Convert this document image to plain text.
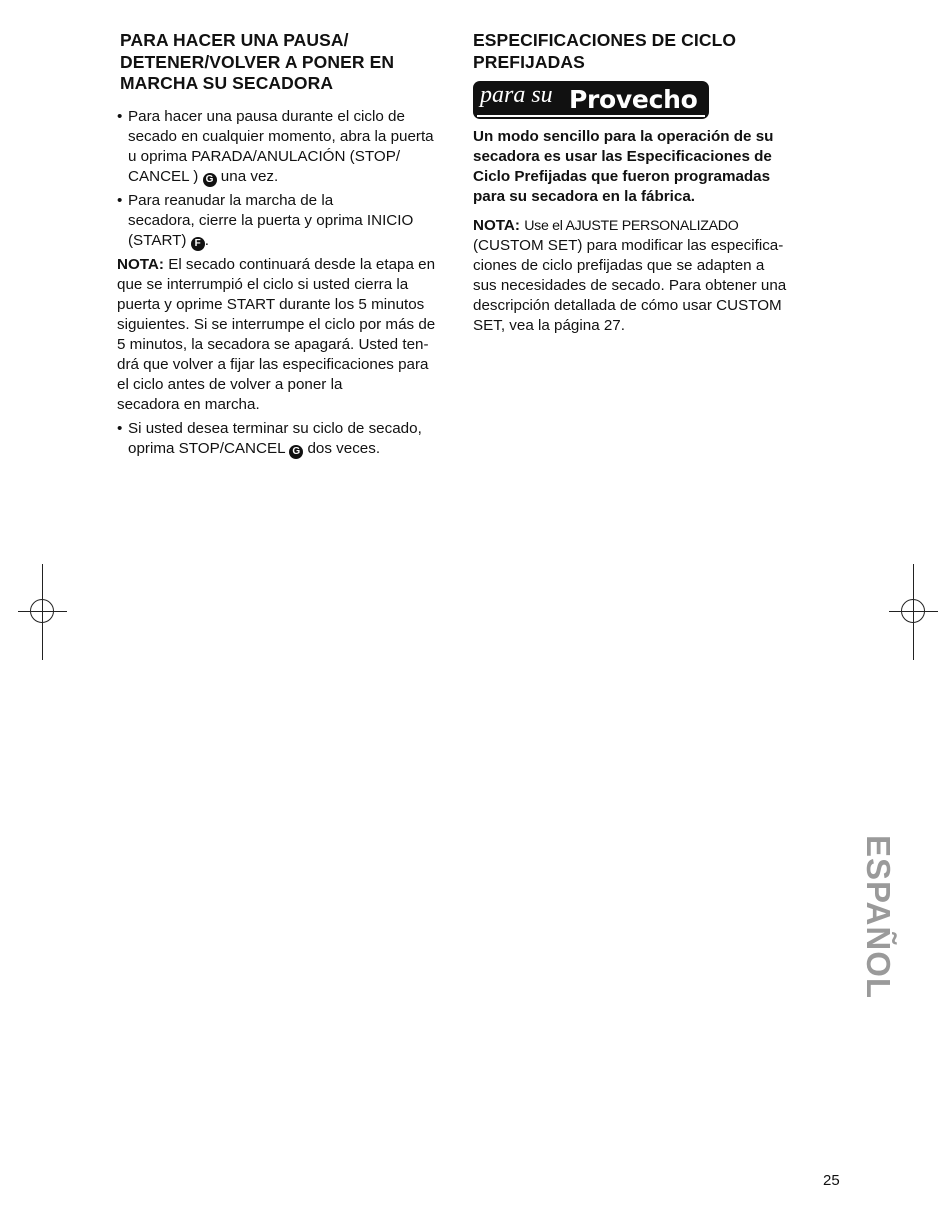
PARA HACER UNA PAUSA/
DETENER/VOLVER A PONER EN
MARCHA SU SECADORA

• Para hacer una pausa durante el ciclo de
secado en cualquier momento, abra la puerta
u oprima PARADA/ANULACIÓN (STOP/
CANCEL ) G una vez.

• Para reanudar la marcha de la
secadora, cierre la puerta y oprima INICIO
(START) F .

NOTA: El secado continuará desde la etapa en
que se interrumpió el ciclo si usted cierra la
puerta y oprime START durante los 5 minutos
siguientes. Si se interrumpe el ciclo por más de
5 minutos, la secadora se apagará. Usted ten-
drá que volver a fijar las especificaciones para
el ciclo antes de volver a poner la
secadora en marcha.

• Si usted desea terminar su ciclo de secado,
oprima STOP/CANCEL G dos veces.

ESPECIFICACIONES DE CICLO
PREFIJADAS
para su Provecho

Un modo sencillo para la operación de su
secadora es usar las Especificaciones de
Ciclo Prefijadas que fueron programadas
para su secadora en la fábrica.

NOTA: Use el AJUSTE PERSONALIZADO
(CUSTOM SET) para modificar las especifica-
ciones de ciclo prefijadas que se adapten a
sus necesidades de secado. Para obtener una
descripción detallada de cómo usar CUSTOM
SET, vea la página 27.

ESPAÑOL
25
